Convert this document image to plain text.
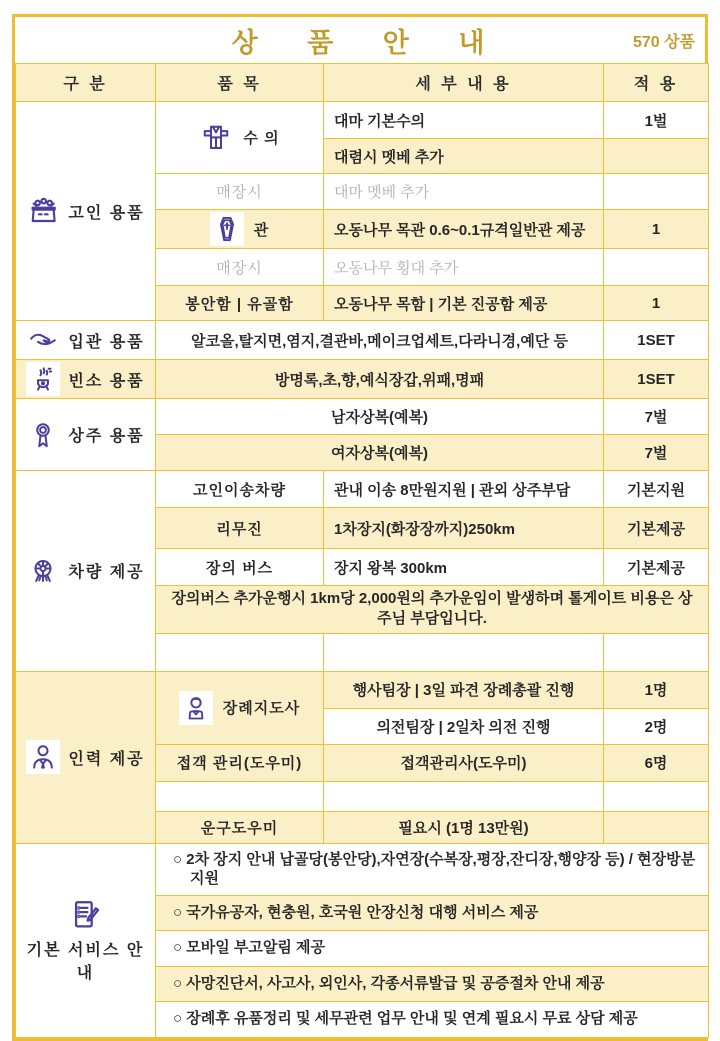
상 품 안 내	570 상품
구 분	품 목	세 부 내 용	적 용

고인 용품	수 의	대마 기본수의	1벌
		대렴시 멧베 추가	
	매장시	대마 멧베 추가	

	관	오동나무 목관 0.6~0.1규격일반관 제공	1
	매장시	오동나무 횡대 추가	
	봉안함 | 유골함	오동나무 목함 | 기본 진공함 제공	1

입관 용품	알코올,탈지면,염지,결관바,메이크업세트,다라니경,예단 등		1SET

빈소 용품	방명록,초,향,예식장갑,위패,명패		1SET

상주 용품	남자상복(예복)		7벌
	여자상복(예복)		7벌

차량 제공	고인이송차량	관내 이송 8만원지원 | 관외 상주부담	기본지원
	리무진	1차장지(화장장까지)250km	기본제공
	장의 버스	장지 왕복 300km	기본제공
	장의버스 추가운행시 1km당 2,000원의 추가운임이 발생하며 톨게이트 비용은 상주님 부담입니다.		

인력 제공	장례지도사	행사팀장 | 3일 파견 장례총괄 진행	1명
		의전팀장 | 2일차 의전 진행	2명
	접객 관리(도우미)	접객관리사(도우미)	6명

	운구도우미	필요시 (1명 13만원)	

기본 서비스 안내	○ 2차 장지 안내 납골당(봉안당),자연장(수복장,평장,잔디장,행양장 등) / 현장방분 지원		
	○ 국가유공자, 현충원, 호국원 안장신청 대행 서비스 제공		
	○ 모바일 부고알림 제공		
	○ 사망진단서, 사고사, 외인사, 각종서류발급 및 공증절차 안내 제공		
	○ 장례후 유품정리 및 세무관련 업무 안내 및 연계 필요시 무료 상담 제공		
